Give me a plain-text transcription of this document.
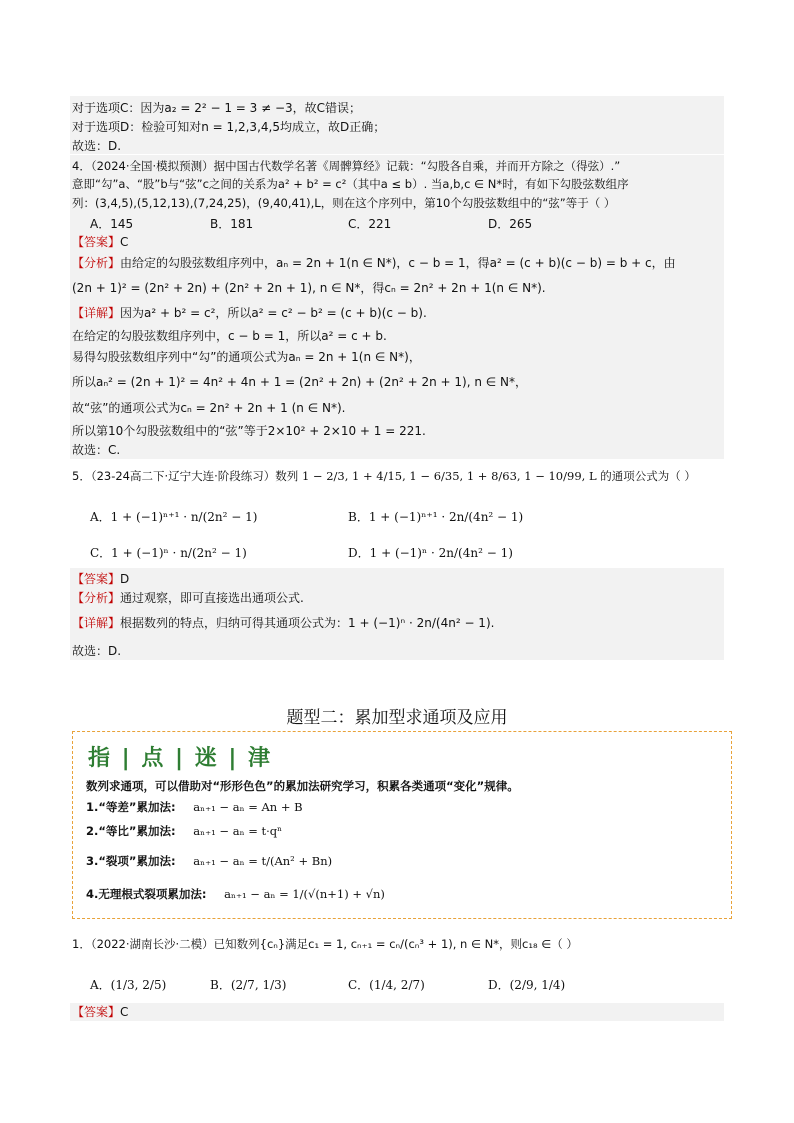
对于选项C：因为a₂ = 2² − 1 = 3 ≠ −3，故C错误；
对于选项D：检验可知对n = 1,2,3,4,5均成立，故D正确；
故选：D.
4．（2024·全国·模拟预测）据中国古代数学名著《周髀算经》记载：“勾股各自乘，并而开方除之（得弦）.”
意即“勾”a、“股”b与“弦”c之间的关系为a² + b² = c²（其中a ≤ b）. 当a,b,c ∈ N*时，有如下勾股弦数组序
列：(3,4,5),(5,12,13),(7,24,25)，(9,40,41),L，则在这个序列中，第10个勾股弦数组中的“弦”等于（ ）
A．145	B．181	C．221	D．265
【答案】C
【分析】由给定的勾股弦数组序列中，aₙ = 2n + 1(n ∈ N*)，c − b = 1，得a² = (c + b)(c − b) = b + c，由
(2n + 1)² = (2n² + 2n) + (2n² + 2n + 1), n ∈ N*，得cₙ = 2n² + 2n + 1(n ∈ N*).
【详解】因为a² + b² = c²，所以a² = c² − b² = (c + b)(c − b).
在给定的勾股弦数组序列中，c − b = 1，所以a² = c + b.
易得勾股弦数组序列中“勾”的通项公式为aₙ = 2n + 1(n ∈ N*)，
所以aₙ² = (2n + 1)² = 4n² + 4n + 1 = (2n² + 2n) + (2n² + 2n + 1), n ∈ N*，
故“弦”的通项公式为cₙ = 2n² + 2n + 1 (n ∈ N*).
所以第10个勾股弦数组中的“弦”等于2×10² + 2×10 + 1 = 221.
故选：C.
5．（23-24高二下·辽宁大连·阶段练习）数列 1 − 2/3, 1 + 4/15, 1 − 6/35, 1 + 8/63, 1 − 10/99, L 的通项公式为（ ）
A．1 + (−1)ⁿ⁺¹ · n/(2n² − 1)	B．1 + (−1)ⁿ⁺¹ · 2n/(4n² − 1)
C．1 + (−1)ⁿ · n/(2n² − 1)	D．1 + (−1)ⁿ · 2n/(4n² − 1)
【答案】D
【分析】通过观察，即可直接选出通项公式.
【详解】根据数列的特点，归纳可得其通项公式为：1 + (−1)ⁿ · 2n/(4n² − 1).
故选：D.
题型二：累加型求通项及应用
指 | 点 | 迷 | 津
数列求通项，可以借助对“形形色色”的累加法研究学习，积累各类通项“变化”规律。
1.“等差”累加法: aₙ₊₁ − aₙ = An + B
2.“等比”累加法: aₙ₊₁ − aₙ = t·qⁿ
3.“裂项”累加法: aₙ₊₁ − aₙ = t/(An² + Bn)
4.无理根式裂项累加法: aₙ₊₁ − aₙ = 1/(√(n+1) + √n)
1．（2022·湖南长沙·二模）已知数列{cₙ}满足c₁ = 1, cₙ₊₁ = cₙ/(cₙ³ + 1), n ∈ N*，则c₁₈ ∈（ ）
A．(1/3, 2/5)	B．(2/7, 1/3)	C．(1/4, 2/7)	D．(2/9, 1/4)
【答案】C
